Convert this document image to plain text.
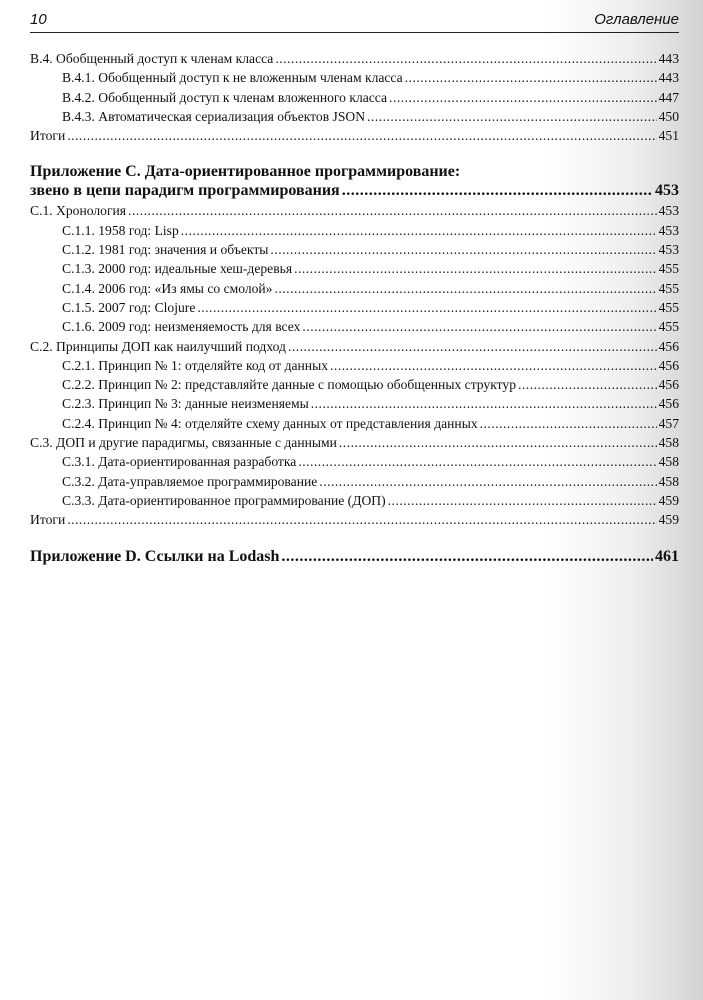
10	Оглавление
B.4. Обобщенный доступ к членам класса .....	443
B.4.1. Обобщенный доступ к не вложенным членам класса .....	443
B.4.2. Обобщенный доступ к членам вложенного класса .....	447
B.4.3. Автоматическая сериализация объектов JSON .....	450
Итоги .....	451
Приложение С. Дата-ориентированное программирование:
звено в цепи парадигм программирования .....	453
C.1. Хронология .....	453
C.1.1. 1958 год: Lisp .....	453
C.1.2. 1981 год: значения и объекты .....	453
C.1.3. 2000 год: идеальные хеш-деревья .....	455
C.1.4. 2006 год: «Из ямы со смолой» .....	455
C.1.5. 2007 год: Clojure .....	455
C.1.6. 2009 год: неизменяемость для всех .....	455
C.2. Принципы ДОП как наилучший подход .....	456
C.2.1. Принцип № 1: отделяйте код от данных .....	456
C.2.2. Принцип № 2: представляйте данные с помощью обобщенных структур .....	456
C.2.3. Принцип № 3: данные неизменяемы .....	456
C.2.4. Принцип № 4: отделяйте схему данных от представления данных .....	457
C.3. ДОП и другие парадигмы, связанные с данными .....	458
C.3.1. Дата-ориентированная разработка .....	458
C.3.2. Дата-управляемое программирование .....	458
C.3.3. Дата-ориентированное программирование (ДОП) .....	459
Итоги .....	459
Приложение D. Ссылки на Lodash .....	461
